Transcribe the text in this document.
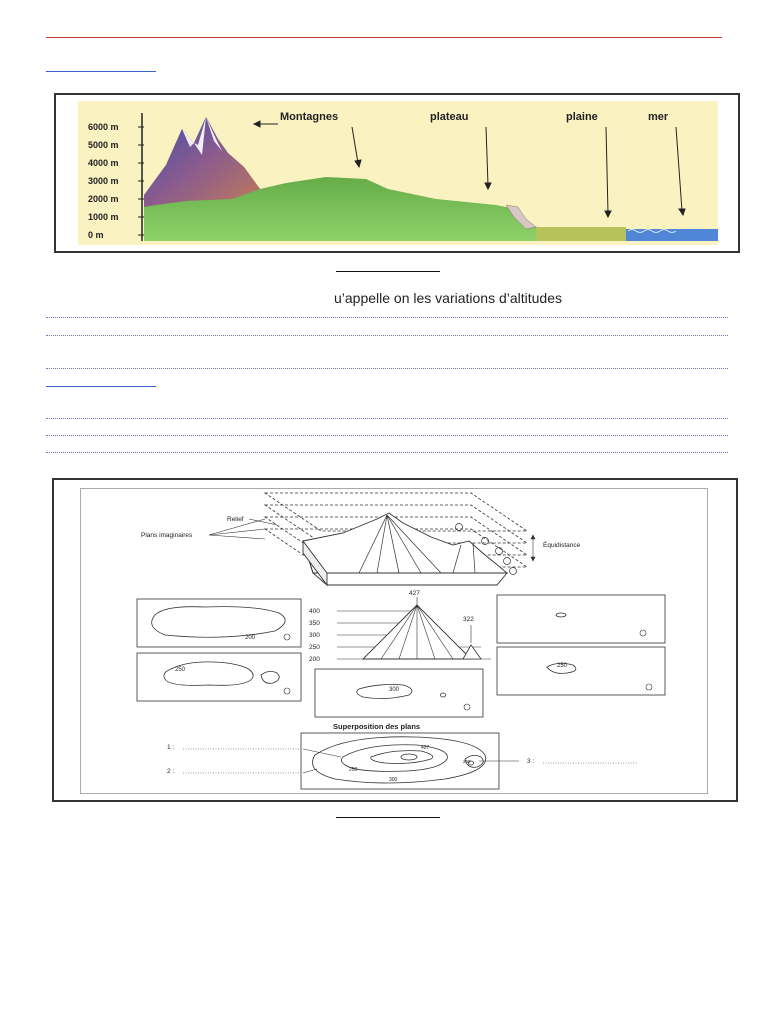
6000 m
5000 m
4000 m
3000 m
2000 m
1000 m
0 m
Montagnes	plateau	plaine	mer
u’appelle on les variations d’altitudes
Relief
Plans imaginaires
Équidistance
200
250
400
350
300
250
200
427
322
250
300
Superposition des plans
427
250
300
250
1 :
2 :
3 :
